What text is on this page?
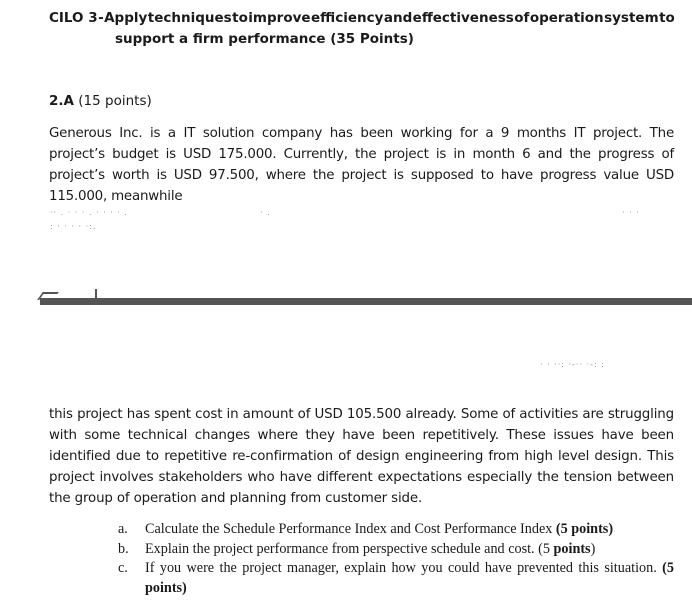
CILO 3 - Apply techniques to improve efficiency and effectiveness of operation system to
support a firm performance (35 Points)
2.A (15 points)
Generous Inc. is a IT solution company has been working for a 9 months IT project. The project’s budget is USD 175.000. Currently, the project is in month 6 and the progress of project’s worth is USD 97.500, where the project is supposed to have progress value USD 115.000, meanwhile
·· . · · · . · · · · .
: · · · · ·:.
· .	· · ·
· · ··: ·-·· ·-: :
this project has spent cost in amount of USD 105.500 already. Some of activities are struggling with some technical changes where they have been repetitively. These issues have been identified due to repetitive re-confirmation of design engineering from high level design. This project involves stakeholders who have different expectations especially the tension between the group of operation and planning from customer side.
a.	Calculate the Schedule Performance Index and Cost Performance Index (5 points)
b.	Explain the project performance from perspective schedule and cost. (5 points)
c.	If you were the project manager, explain how you could have prevented this situation. (5 points)
